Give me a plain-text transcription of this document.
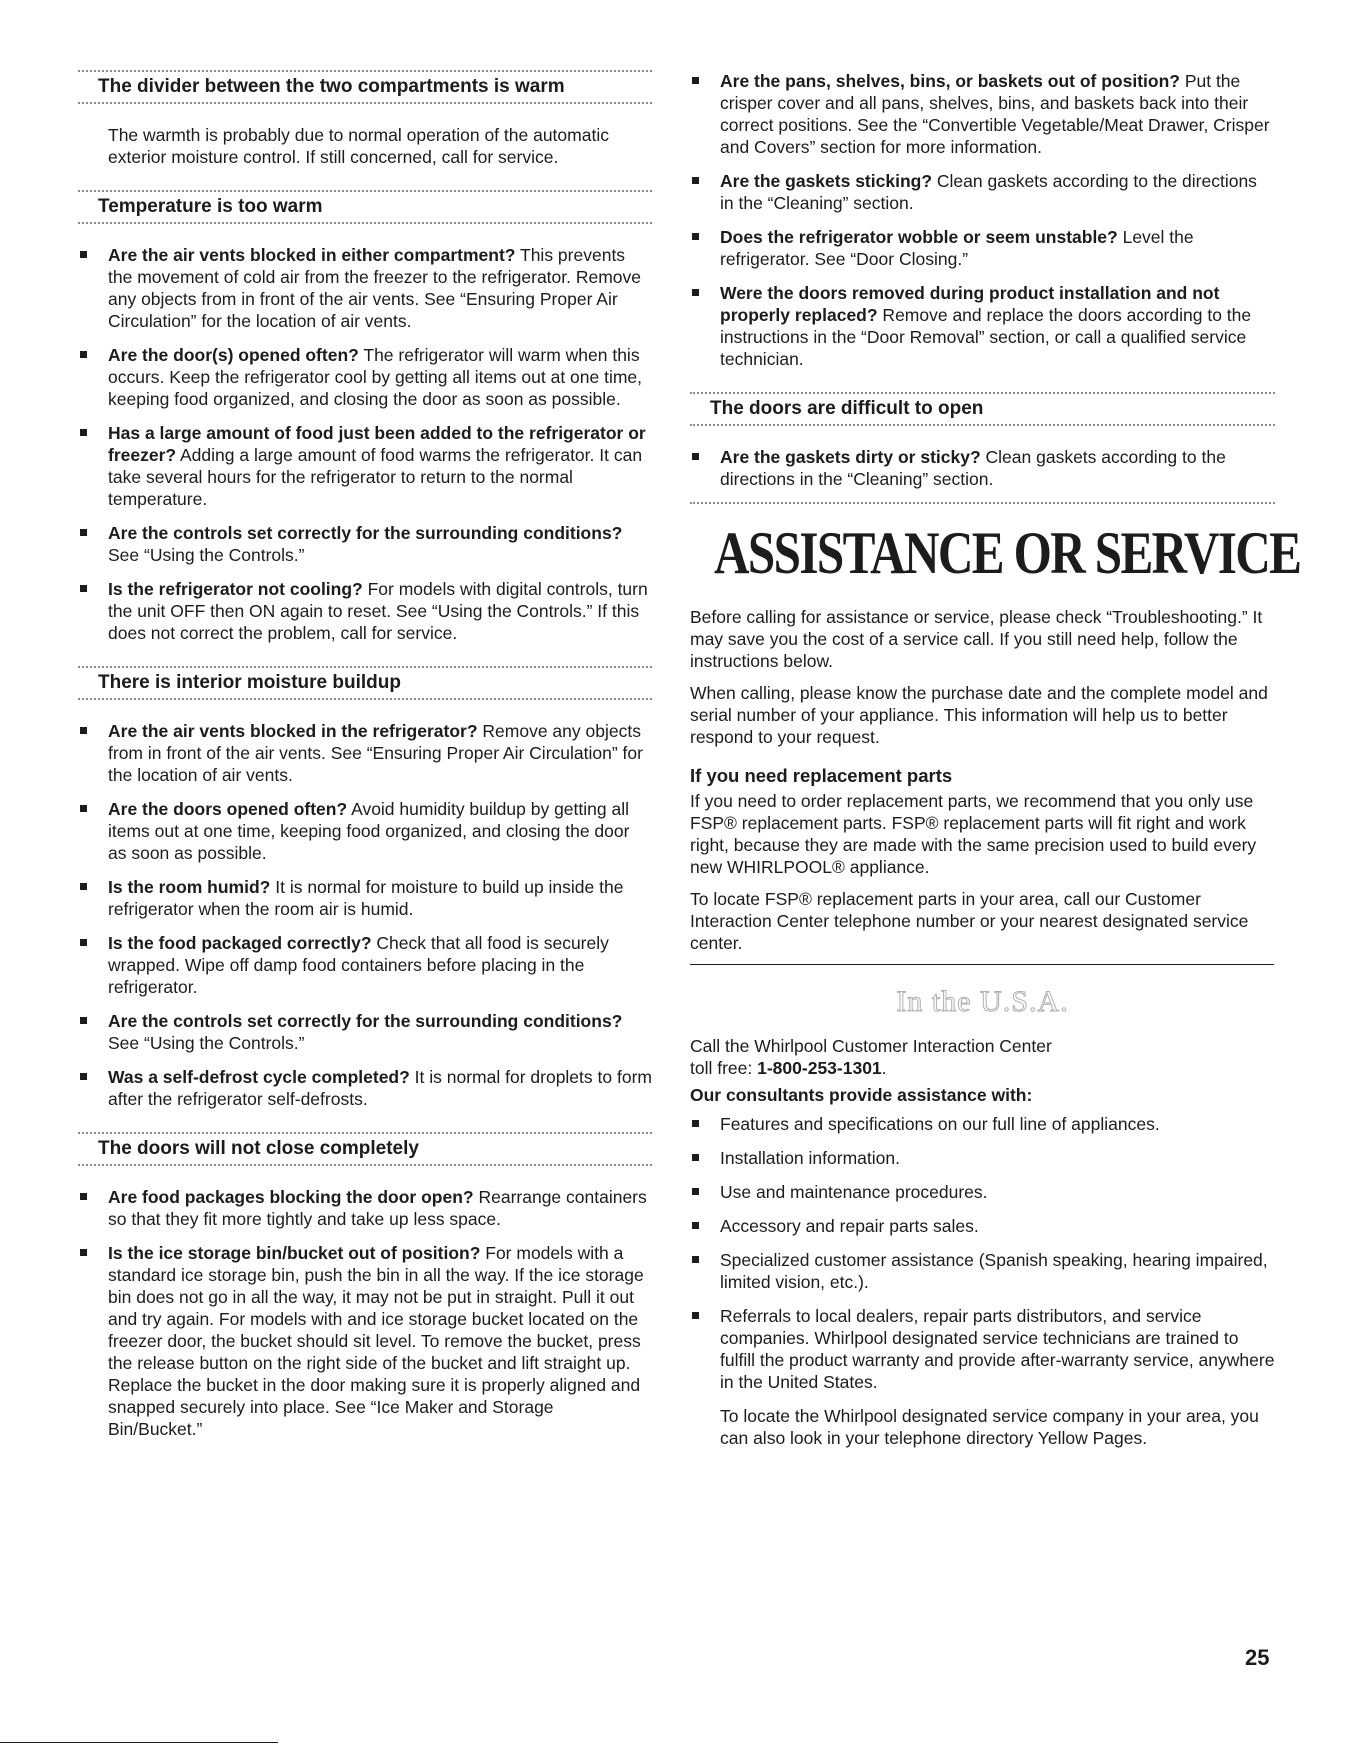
The divider between the two compartments is warm

The warmth is probably due to normal operation of the automatic exterior moisture control. If still concerned, call for service.

Temperature is too warm
Are the air vents blocked in either compartment? This prevents the movement of cold air from the freezer to the refrigerator. Remove any objects from in front of the air vents. See “Ensuring Proper Air Circulation” for the location of air vents.
Are the door(s) opened often? The refrigerator will warm when this occurs. Keep the refrigerator cool by getting all items out at one time, keeping food organized, and closing the door as soon as possible.
Has a large amount of food just been added to the refrigerator or freezer? Adding a large amount of food warms the refrigerator. It can take several hours for the refrigerator to return to the normal temperature.
Are the controls set correctly for the surrounding conditions? See “Using the Controls.”
Is the refrigerator not cooling? For models with digital controls, turn the unit OFF then ON again to reset. See “Using the Controls.” If this does not correct the problem, call for service.
There is interior moisture buildup
Are the air vents blocked in the refrigerator? Remove any objects from in front of the air vents. See “Ensuring Proper Air Circulation” for the location of air vents.
Are the doors opened often? Avoid humidity buildup by getting all items out at one time, keeping food organized, and closing the door as soon as possible.
Is the room humid? It is normal for moisture to build up inside the refrigerator when the room air is humid.
Is the food packaged correctly? Check that all food is securely wrapped. Wipe off damp food containers before placing in the refrigerator.
Are the controls set correctly for the surrounding conditions? See “Using the Controls.”
Was a self-defrost cycle completed? It is normal for droplets to form after the refrigerator self-defrosts.
The doors will not close completely
Are food packages blocking the door open? Rearrange containers so that they fit more tightly and take up less space.
Is the ice storage bin/bucket out of position? For models with a standard ice storage bin, push the bin in all the way. If the ice storage bin does not go in all the way, it may not be put in straight. Pull it out and try again. For models with and ice storage bucket located on the freezer door, the bucket should sit level. To remove the bucket, press the release button on the right side of the bucket and lift straight up. Replace the bucket in the door making sure it is properly aligned and snapped securely into place. See “Ice Maker and Storage Bin/Bucket.”
Are the pans, shelves, bins, or baskets out of position? Put the crisper cover and all pans, shelves, bins, and baskets back into their correct positions. See the “Convertible Vegetable/Meat Drawer, Crisper and Covers” section for more information.
Are the gaskets sticking? Clean gaskets according to the directions in the “Cleaning” section.
Does the refrigerator wobble or seem unstable? Level the refrigerator. See “Door Closing.”
Were the doors removed during product installation and not properly replaced? Remove and replace the doors according to the instructions in the “Door Removal” section, or call a qualified service technician.
The doors are difficult to open
Are the gaskets dirty or sticky? Clean gaskets according to the directions in the “Cleaning” section.
ASSISTANCE OR SERVICE

Before calling for assistance or service, please check “Troubleshooting.” It may save you the cost of a service call. If you still need help, follow the instructions below.

When calling, please know the purchase date and the complete model and serial number of your appliance. This information will help us to better respond to your request.

If you need replacement parts

If you need to order replacement parts, we recommend that you only use FSP® replacement parts. FSP® replacement parts will fit right and work right, because they are made with the same precision used to build every new WHIRLPOOL® appliance.

To locate FSP® replacement parts in your area, call our Customer Interaction Center telephone number or your nearest designated service center.

In the U.S.A.

Call the Whirlpool Customer Interaction Center
toll free: 1-800-253-1301.

Our consultants provide assistance with:
Features and specifications on our full line of appliances.
Installation information.
Use and maintenance procedures.
Accessory and repair parts sales.
Specialized customer assistance (Spanish speaking, hearing impaired, limited vision, etc.).
Referrals to local dealers, repair parts distributors, and service companies. Whirlpool designated service technicians are trained to fulfill the product warranty and provide after-warranty service, anywhere in the United States.

To locate the Whirlpool designated service company in your area, you can also look in your telephone directory Yellow Pages.

25
